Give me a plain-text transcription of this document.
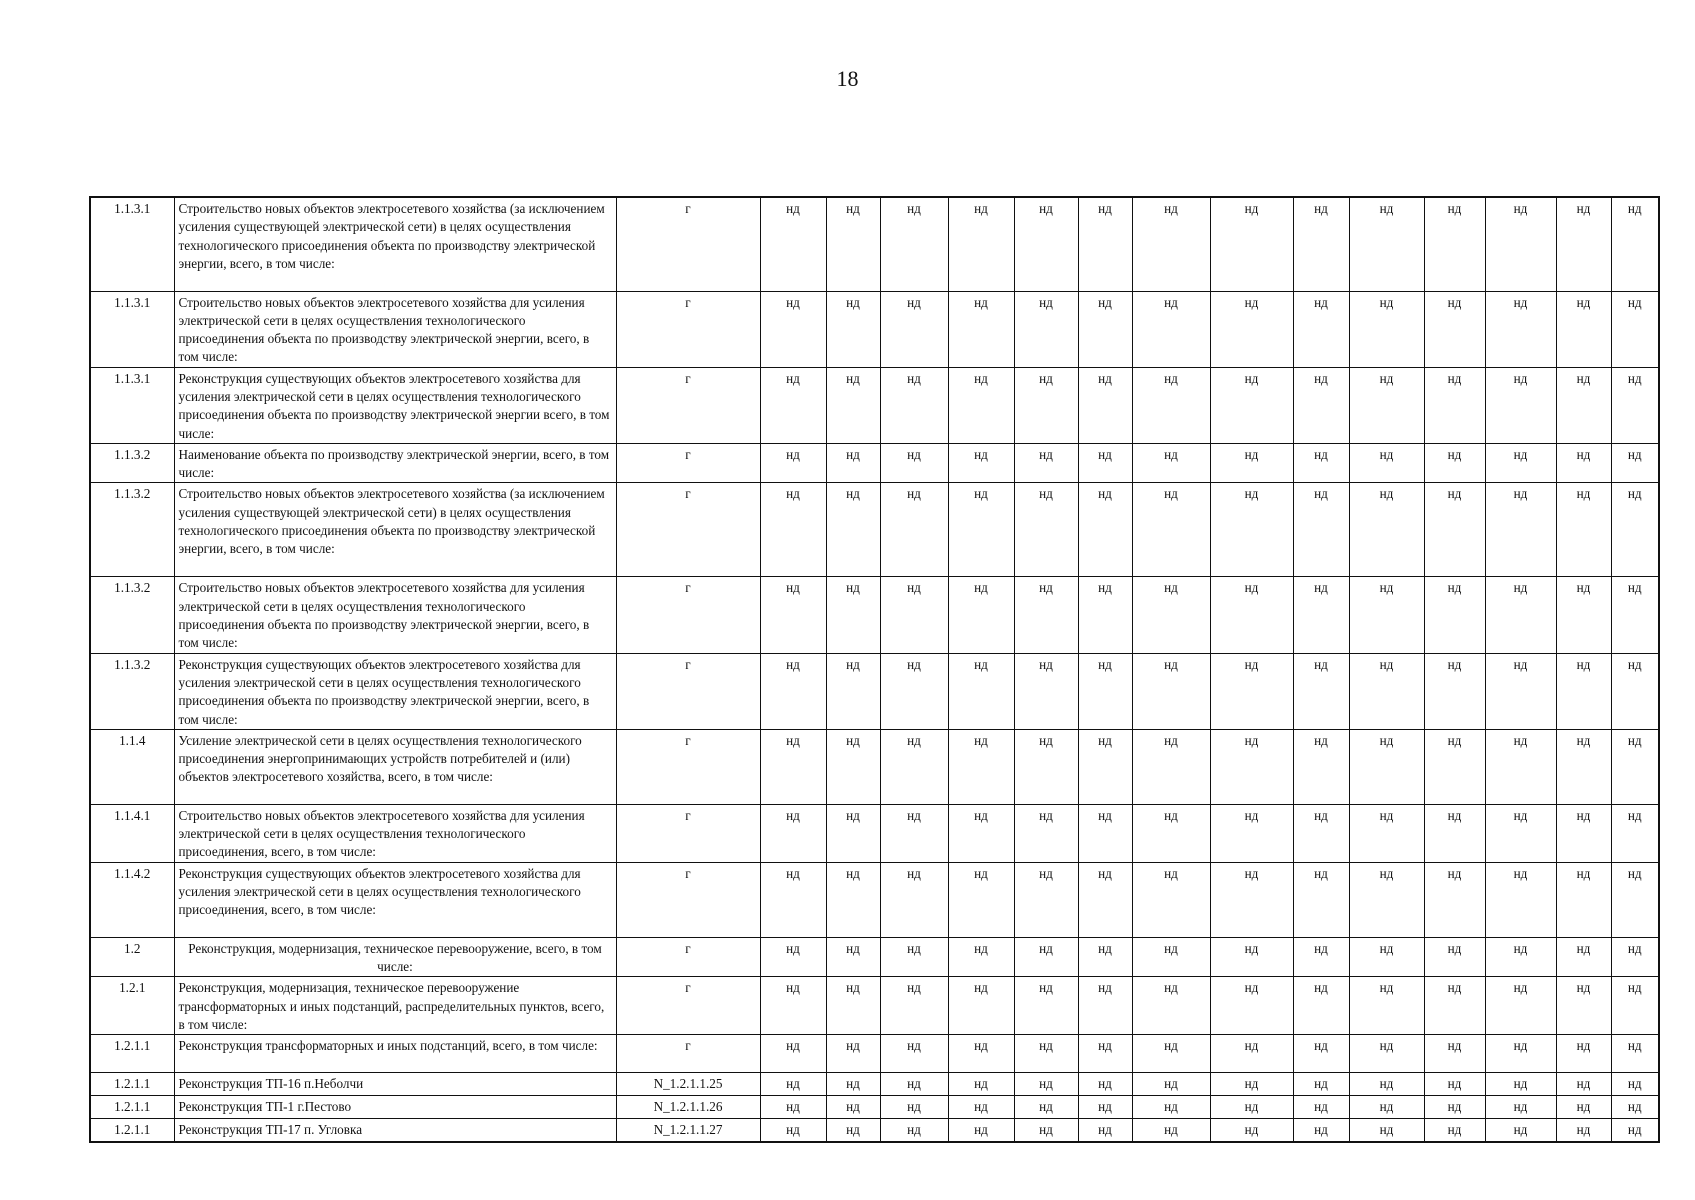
18
1.1.3.1	Строительство новых объектов электросетевого хозяйства (за исключением усиления существующей электрической сети) в целях осуществления технологического присоединения объекта по производству электрической энергии, всего, в том числе:	г	нд	нд	нд	нд	нд	нд	нд	нд	нд	нд	нд	нд	нд	нд
1.1.3.1	Строительство новых объектов электросетевого хозяйства для усиления электрической сети в целях осуществления технологического присоединения объекта по производству электрической энергии, всего, в том числе:	г	нд	нд	нд	нд	нд	нд	нд	нд	нд	нд	нд	нд	нд	нд
1.1.3.1	Реконструкция существующих объектов электросетевого хозяйства для усиления электрической сети в целях осуществления технологического присоединения объекта по производству электрической энергии всего, в том числе:	г	нд	нд	нд	нд	нд	нд	нд	нд	нд	нд	нд	нд	нд	нд
1.1.3.2	Наименование объекта по производству электрической энергии, всего, в том числе:	г	нд	нд	нд	нд	нд	нд	нд	нд	нд	нд	нд	нд	нд	нд
1.1.3.2	Строительство новых объектов электросетевого хозяйства (за исключением усиления существующей электрической сети) в целях осуществления технологического присоединения объекта по производству электрической энергии, всего, в том числе:	г	нд	нд	нд	нд	нд	нд	нд	нд	нд	нд	нд	нд	нд	нд
1.1.3.2	Строительство новых объектов электросетевого хозяйства для усиления электрической сети в целях осуществления технологического присоединения объекта по производству электрической энергии, всего, в том числе:	г	нд	нд	нд	нд	нд	нд	нд	нд	нд	нд	нд	нд	нд	нд
1.1.3.2	Реконструкция существующих объектов электросетевого хозяйства для усиления электрической сети в целях осуществления технологического присоединения объекта по производству электрической энергии, всего, в том числе:	г	нд	нд	нд	нд	нд	нд	нд	нд	нд	нд	нд	нд	нд	нд
1.1.4	Усиление электрической сети в целях осуществления технологического присоединения энергопринимающих устройств потребителей и (или) объектов электросетевого хозяйства, всего, в том числе:	г	нд	нд	нд	нд	нд	нд	нд	нд	нд	нд	нд	нд	нд	нд
1.1.4.1	Строительство новых объектов электросетевого хозяйства для усиления электрической сети в целях осуществления технологического присоединения, всего, в том числе:	г	нд	нд	нд	нд	нд	нд	нд	нд	нд	нд	нд	нд	нд	нд
1.1.4.2	Реконструкция существующих объектов электросетевого хозяйства для усиления электрической сети в целях осуществления технологического присоединения, всего, в том числе:	г	нд	нд	нд	нд	нд	нд	нд	нд	нд	нд	нд	нд	нд	нд
1.2	Реконструкция, модернизация, техническое перевооружение, всего, в том числе:	г	нд	нд	нд	нд	нд	нд	нд	нд	нд	нд	нд	нд	нд	нд
1.2.1	Реконструкция, модернизация, техническое перевооружение трансформаторных и иных подстанций, распределительных пунктов, всего, в том числе:	г	нд	нд	нд	нд	нд	нд	нд	нд	нд	нд	нд	нд	нд	нд
1.2.1.1	Реконструкция трансформаторных и иных подстанций, всего, в том числе:	г	нд	нд	нд	нд	нд	нд	нд	нд	нд	нд	нд	нд	нд	нд
1.2.1.1	Реконструкция ТП-16 п.Неболчи	N_1.2.1.1.25	нд	нд	нд	нд	нд	нд	нд	нд	нд	нд	нд	нд	нд	нд
1.2.1.1	Реконструкция ТП-1 г.Пестово	N_1.2.1.1.26	нд	нд	нд	нд	нд	нд	нд	нд	нд	нд	нд	нд	нд	нд
1.2.1.1	Реконструкция ТП-17 п. Угловка	N_1.2.1.1.27	нд	нд	нд	нд	нд	нд	нд	нд	нд	нд	нд	нд	нд	нд
